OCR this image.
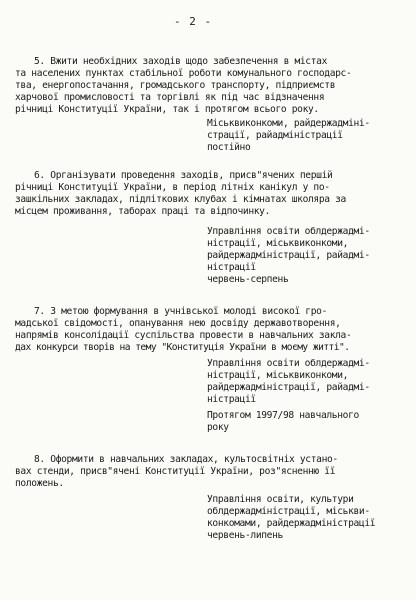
- 2 -
5. Вжити необхідних заходів щодо забезпечення в містах
та населених пунктах стабільної роботи комунального господарс-
тва, енергопостачання, громадського транспорту, підприємств
харчової промисловості та торгівлі як під час відзначення
річниці Конституції України, так і протягом всього року.
Міськвиконкоми, райдержадміні-
страції, райадміністрації
постійно
6. Організувати проведення заходів, присв"ячених першій
річниці Конституції України, в період літніх канікул у по-
зашкільних закладах, підліткових клубах і кімнатах школяра за
місцем проживання, таборах праці та відпочинку.
Управління освіти облдержадмі-
ністрації, міськвиконкоми,
райдержадміністрації, райадмі-
ністрації
червень-серпень
7. З метою формування в учнівської молоді високої гро-
мадської свідомості, опанування нею досвіду державотворення,
напрямів консолідації суспільства провести в навчальних закла-
дах конкурси творів на тему "Конституція України в моєму житті".
Управління освіти облдержадмі-
ністрації, міськвиконкоми,
райдержадміністрації, райадмі-
ністрації
Протягом 1997/98 навчального
року
8. Оформити в навчальних закладах, культосвітніх устано-
вах стенди, присв"ячені Конституції України, роз"ясненню її
положень.
Управління освіти, культури
облдержадміністрації, міськви-
конкомами, райдержадміністрації
червень-липень
